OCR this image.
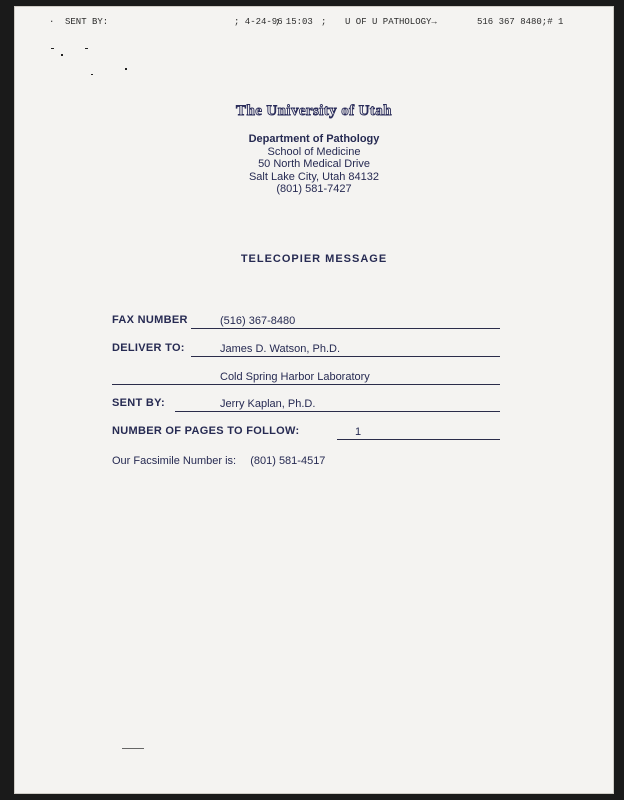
· SENT BY:	; 4-24-96
; 15:03 ; U OF U PATHOLOGY→	516 367 8480;# 1
The University of Utah
Department of Pathology
School of Medicine
50 North Medical Drive
Salt Lake City, Utah 84132
(801) 581-7427
TELECOPIER MESSAGE
FAX NUMBER	(516) 367-8480
DELIVER TO:	James D. Watson, Ph.D.
Cold Spring Harbor Laboratory
SENT BY:	Jerry Kaplan, Ph.D.
NUMBER OF PAGES TO FOLLOW:	1
Our Facsimile Number is: (801) 581-4517
